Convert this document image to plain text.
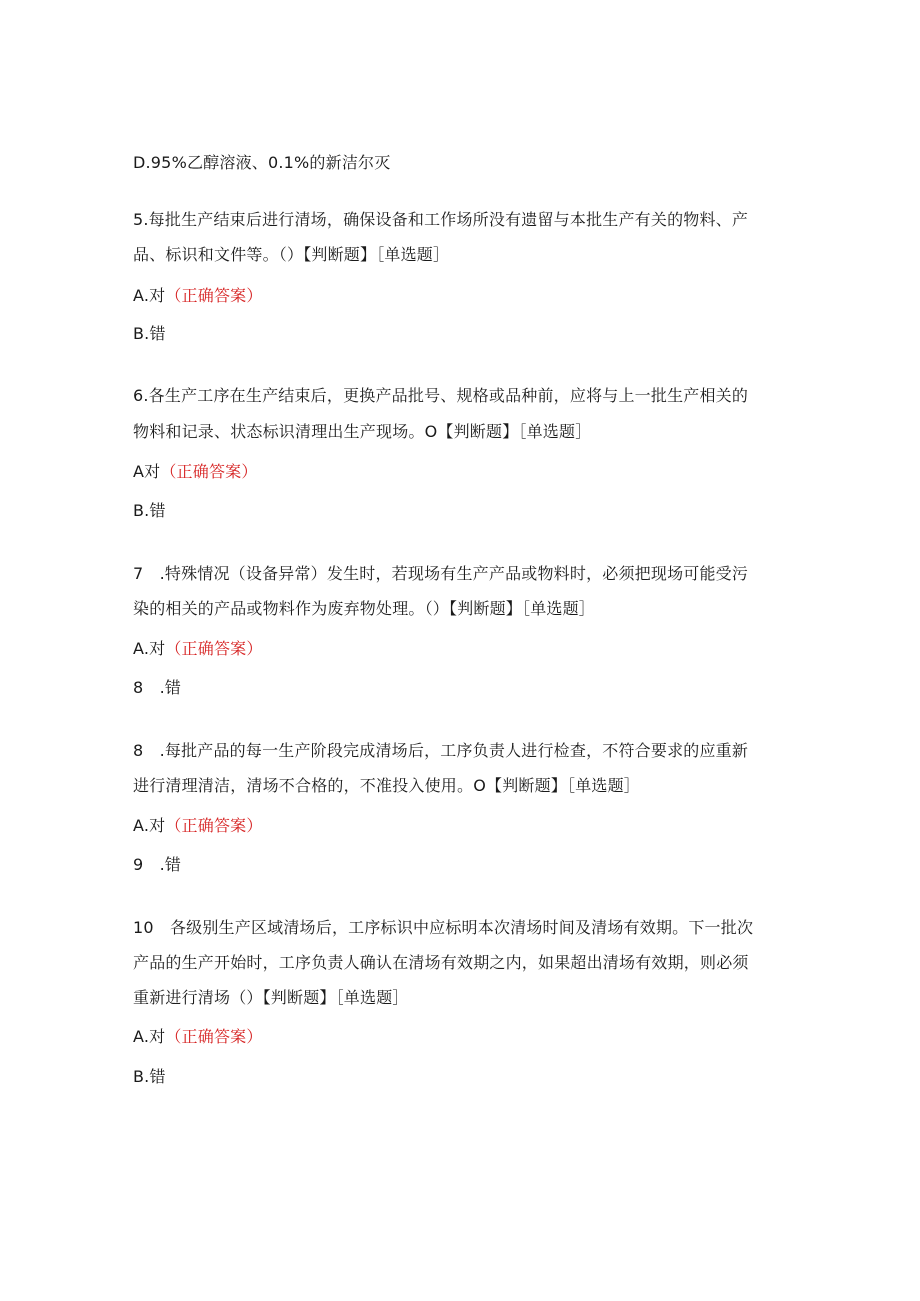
D.95%乙醇溶液、0.1%的新洁尔灭
5.每批生产结束后进行清场，确保设备和工作场所没有遗留与本批生产有关的物料、产
品、标识和文件等。（）【判断题】［单选题］
A.对（正确答案）
B.错
6.各生产工序在生产结束后，更换产品批号、规格或品种前，应将与上一批生产相关的
物料和记录、状态标识清理出生产现场。O【判断题】［单选题］
A对（正确答案）
B.错
7　.特殊情况（设备异常）发生时，若现场有生产产品或物料时，必须把现场可能受污
染的相关的产品或物料作为废弃物处理。（）【判断题】［单选题］
A.对（正确答案）
8　.错
8　.每批产品的每一生产阶段完成清场后，工序负责人进行检查，不符合要求的应重新
进行清理清洁，清场不合格的，不准投入使用。O【判断题】［单选题］
A.对（正确答案）
9　.错
10　各级别生产区域清场后，工序标识中应标明本次清场时间及清场有效期。下一批次
产品的生产开始时，工序负责人确认在清场有效期之内，如果超出清场有效期，则必须
重新进行清场（）【判断题】［单选题］
A.对（正确答案）
B.错
